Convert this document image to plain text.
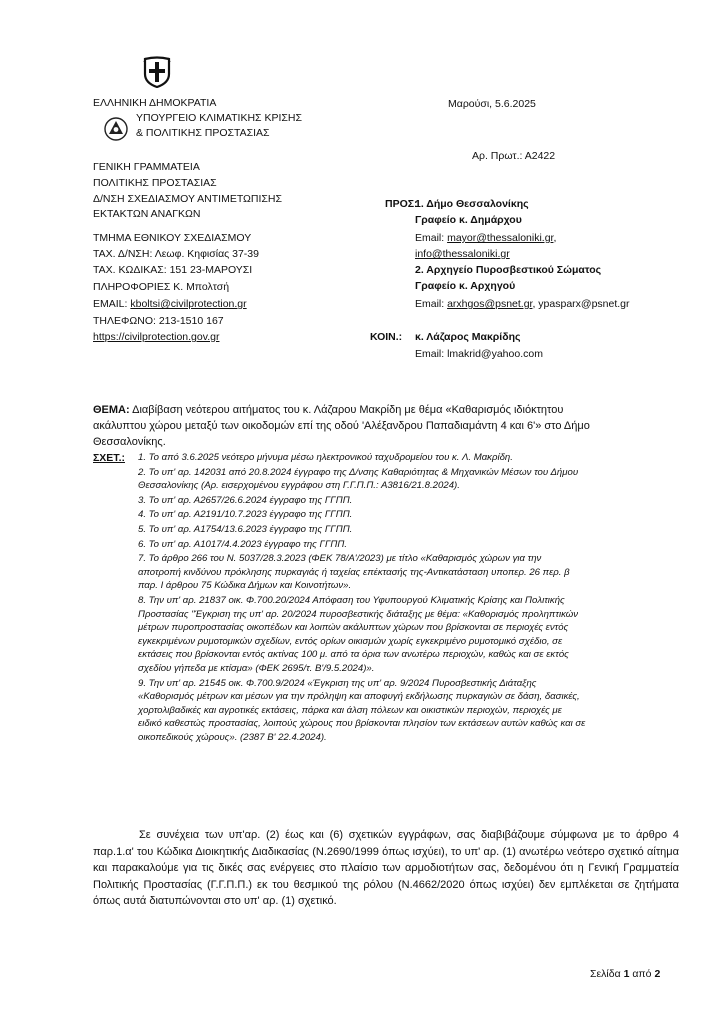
ΕΛΛΗΝΙΚΗ ΔΗΜΟΚΡΑΤΙΑ
ΥΠΟΥΡΓΕΙΟ ΚΛΙΜΑΤΙΚΗΣ ΚΡΙΣΗΣ
& ΠΟΛΙΤΙΚΗΣ ΠΡΟΣΤΑΣΙΑΣ
Μαρούσι, 5.6.2025
Αρ. Πρωτ.: Α2422
ΓΕΝΙΚΗ ΓΡΑΜΜΑΤΕΙΑ
ΠΟΛΙΤΙΚΗΣ ΠΡΟΣΤΑΣΙΑΣ
Δ/ΝΣΗ ΣΧΕΔΙΑΣΜΟΥ ΑΝΤΙΜΕΤΩΠΙΣΗΣ
ΕΚΤΑΚΤΩΝ ΑΝΑΓΚΩΝ
ΤΜΗΜΑ ΕΘΝΙΚΟΥ ΣΧΕΔΙΑΣΜΟΥ
ΤΑΧ. Δ/ΝΣΗ: Λεωφ. Κηφισίας 37-39
ΤΑΧ. ΚΩΔΙΚΑΣ: 151 23-ΜΑΡΟΥΣΙ
ΠΛΗΡΟΦΟΡΙΕΣ Κ. Μπολτσή
EMAIL: kboltsi@civilprotection.gr
ΤΗΛΕΦΩΝΟ: 213-1510 167
https://civilprotection.gov.gr
ΠΡΟΣ:
1. Δήμο Θεσσαλονίκης
Γραφείο κ. Δημάρχου
Email: mayor@thessaloniki.gr,
info@thessaloniki.gr
2. Αρχηγείο Πυροσβεστικού Σώματος
Γραφείο κ. Αρχηγού
Email: arxhgos@psnet.gr, ypasparx@psnet.gr
ΚΟΙΝ.: κ. Λάζαρος Μακρίδης
Email: lmakrid@yahoo.com
ΘΕΜΑ: Διαβίβαση νεότερου αιτήματος του κ. Λάζαρου Μακρίδη με θέμα «Καθαρισμός ιδιόκτητου
ακάλυπτου χώρου μεταξύ των οικοδομών επί της οδού 'Αλέξανδρου Παπαδιαμάντη 4 και 6'» στο Δήμο
Θεσσαλονίκης.
ΣΧΕΤ.: 1. Το από 3.6.2025 νεότερο μήνυμα μέσω ηλεκτρονικού ταχυδρομείου του κ. Λ. Μακρίδη.
2. Το υπ' αρ. 142031 από 20.8.2024 έγγραφο της Δ/νσης Καθαριότητας & Μηχανικών Μέσων του Δήμου
Θεσσαλονίκης (Αρ. εισερχομένου εγγράφου στη Γ.Γ.Π.Π.: Α3816/21.8.2024).
3. Το υπ' αρ. Α2657/26.6.2024 έγγραφο της ΓΓΠΠ.
4. Το υπ' αρ. Α2191/10.7.2023 έγγραφο της ΓΓΠΠ.
5. Το υπ' αρ. Α1754/13.6.2023 έγγραφο της ΓΓΠΠ.
6. Το υπ' αρ. Α1017/4.4.2023 έγγραφο της ΓΓΠΠ.
7. Το άρθρο 266 του Ν. 5037/28.3.2023 (ΦΕΚ 78/Α'/2023) με τίτλο «Καθαρισμός χώρων για την
αποτροπή κινδύνου πρόκλησης πυρκαγιάς ή ταχείας επέκτασής της-Αντικατάσταση υποπερ. 26 περ. β
παρ. Ι άρθρου 75 Κώδικα Δήμων και Κοινοτήτων».
8. Την υπ' αρ. 21837 οικ. Φ.700.20/2024 Απόφαση του Υφυπουργού Κλιματικής Κρίσης και Πολιτικής
Προστασίας "Έγκριση της υπ' αρ. 20/2024 πυροσβεστικής διάταξης με θέμα: «Καθορισμός προληπτικών
μέτρων πυροπροστασίας οικοπέδων και λοιπών ακάλυπτων χώρων που βρίσκονται σε περιοχές εντός
εγκεκριμένων ρυμοτομικών σχεδίων, εντός ορίων οικισμών χωρίς εγκεκριμένο ρυμοτομικό σχέδιο, σε
εκτάσεις που βρίσκονται εντός ακτίνας 100 μ. από τα όρια των ανωτέρω περιοχών, καθώς και σε εκτός
σχεδίου γήπεδα με κτίσμα» (ΦΕΚ 2695/τ. Β'/9.5.2024)».
9. Την υπ' αρ. 21545 οικ. Φ.700.9/2024 «Έγκριση της υπ' αρ. 9/2024 Πυροσβεστικής Διάταξης
«Καθορισμός μέτρων και μέσων για την πρόληψη και αποφυγή εκδήλωσης πυρκαγιών σε δάση, δασικές,
χορτολιβαδικές και αγροτικές εκτάσεις, πάρκα και άλση πόλεων και οικιστικών περιοχών, περιοχές με
ειδικό καθεστώς προστασίας, λοιπούς χώρους που βρίσκονται πλησίον των εκτάσεων αυτών καθώς και σε
οικοπεδικούς χώρους». (2387 Β' 22.4.2024).
Σε συνέχεια των υπ'αρ. (2) έως και (6) σχετικών εγγράφων, σας διαβιβάζουμε σύμφωνα με το άρθρο 4 παρ.1.α' του Κώδικα Διοικητικής Διαδικασίας (Ν.2690/1999 όπως ισχύει), το υπ' αρ. (1) ανωτέρω νεότερο σχετικό αίτημα και παρακαλούμε για τις δικές σας ενέργειες στο πλαίσιο των αρμοδιοτήτων σας, δεδομένου ότι η Γενική Γραμματεία Πολιτικής Προστασίας (Γ.Γ.Π.Π.) εκ του θεσμικού της ρόλου (Ν.4662/2020 όπως ισχύει) δεν εμπλέκεται σε ζητήματα όπως αυτά διατυπώνονται στο υπ' αρ. (1) σχετικό.
Σελίδα 1 από 2
